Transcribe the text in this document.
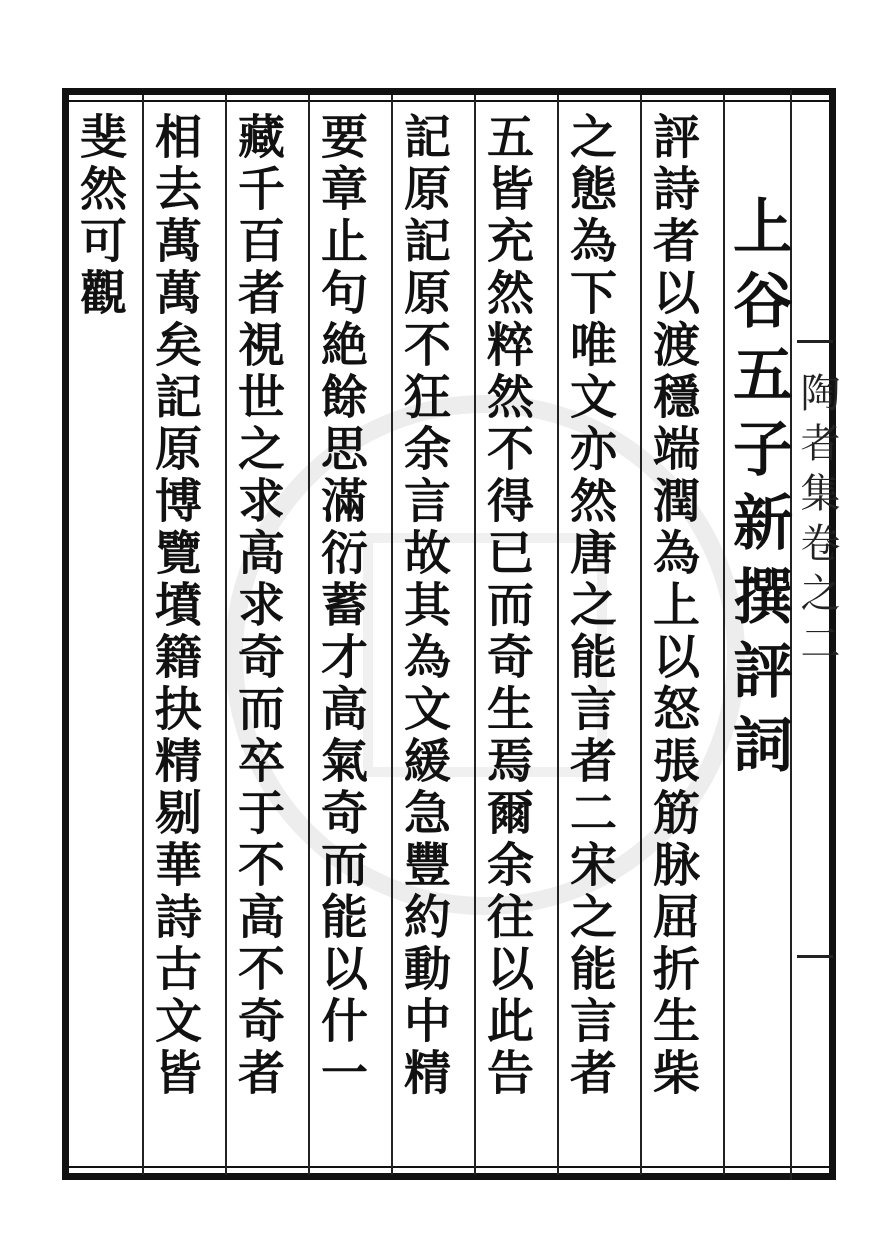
陶者集卷之二
上谷五子新撰評詞
評詩者以渡穩端潤為上以怒張筋脉屈折生柴
之態為下唯文亦然唐之能言者二宋之能言者
五皆充然粹然不得已而奇生焉爾余往以此告
記原記原不狂余言故其為文緩急豐約動中精
要章止句絶餘思滿衍蓄才高氣奇而能以什一
藏千百者視世之求高求奇而卒于不高不奇者
相去萬萬矣記原博覽墳籍抉精剔華詩古文皆
斐然可觀
